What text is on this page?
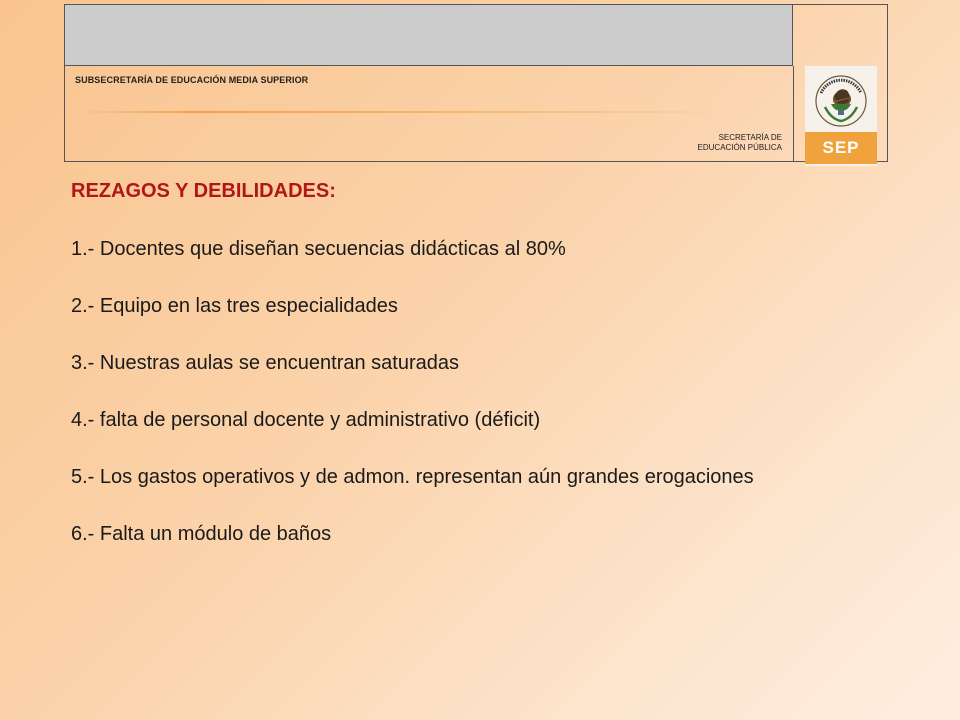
SUBSECRETARÍA DE EDUCACIÓN MEDIA SUPERIOR
SECRETARÍA DE
EDUCACIÓN PÚBLICA SEP
REZAGOS Y DEBILIDADES:
1.- Docentes que diseñan secuencias didácticas al 80%
2.- Equipo en las tres especialidades
3.- Nuestras aulas se encuentran saturadas
4.- falta de personal docente y administrativo (déficit)
5.- Los gastos operativos y de admon. representan aún grandes erogaciones
6.- Falta un módulo de baños
